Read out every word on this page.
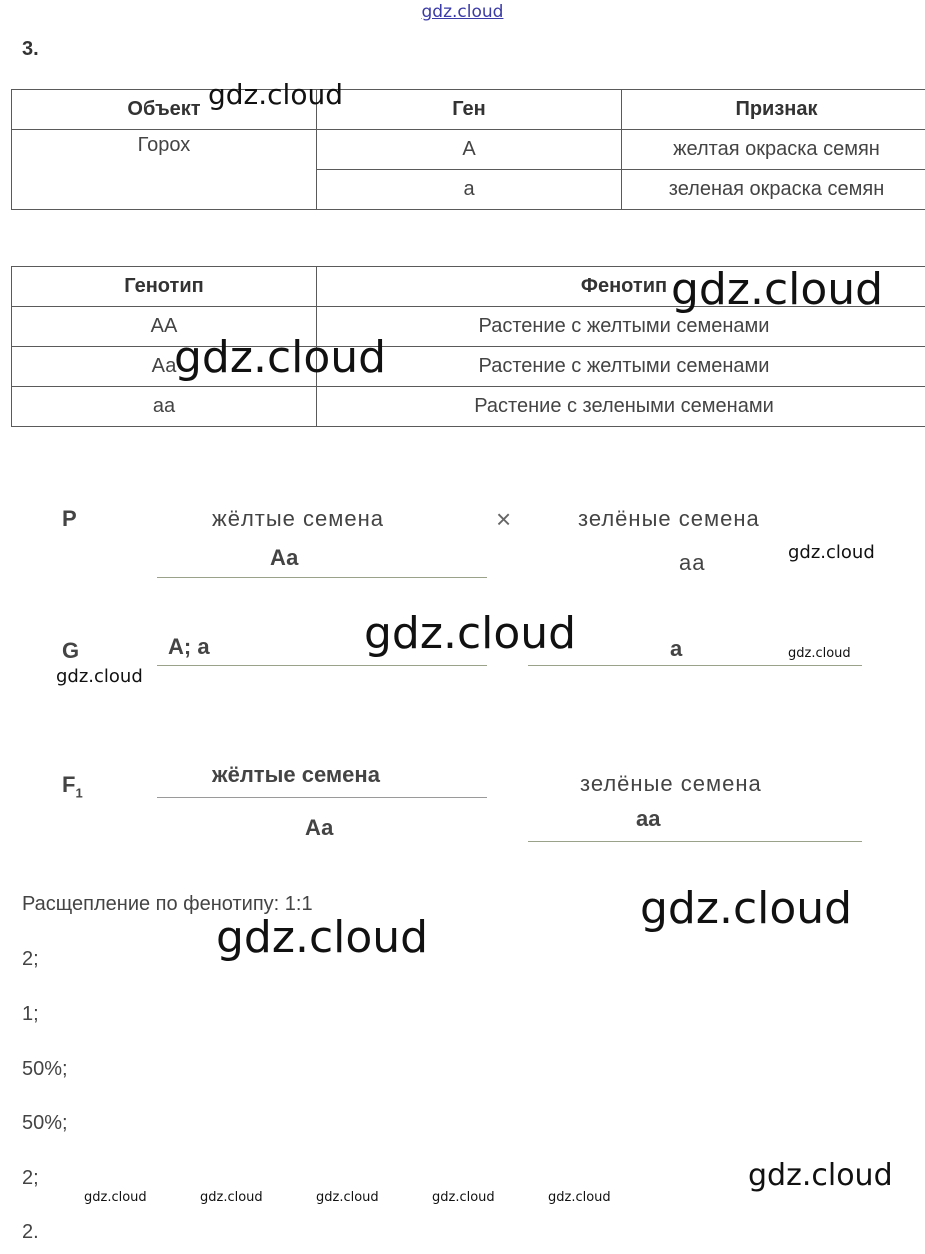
gdz.cloud
3.
Объект	Ген	Признак
Горох	А	желтая окраска семян
	а	зеленая окраска семян
Генотип	Фенотип
АА	Растение с желтыми семенами
Аа	Растение с желтыми семенами
аа	Растение с зелеными семенами
P	жёлтые семена
Аа
×	зелёные семена
аа
G	А; а	а
$F_1$
жёлтые семена
Аа
зелёные семена
аа
Расщепление по фенотипу: 1:1
2;
1;
50%;
50%;
2;
2.
gdz.cloud
gdz.cloud
gdz.cloud
gdz.cloud
gdz.cloud	gdz.cloud
gdz.cloud
gdz.cloud
gdz.cloud
gdz.cloud
gdz.cloud	gdz.cloud	gdz.cloud	gdz.cloud	gdz.cloud
